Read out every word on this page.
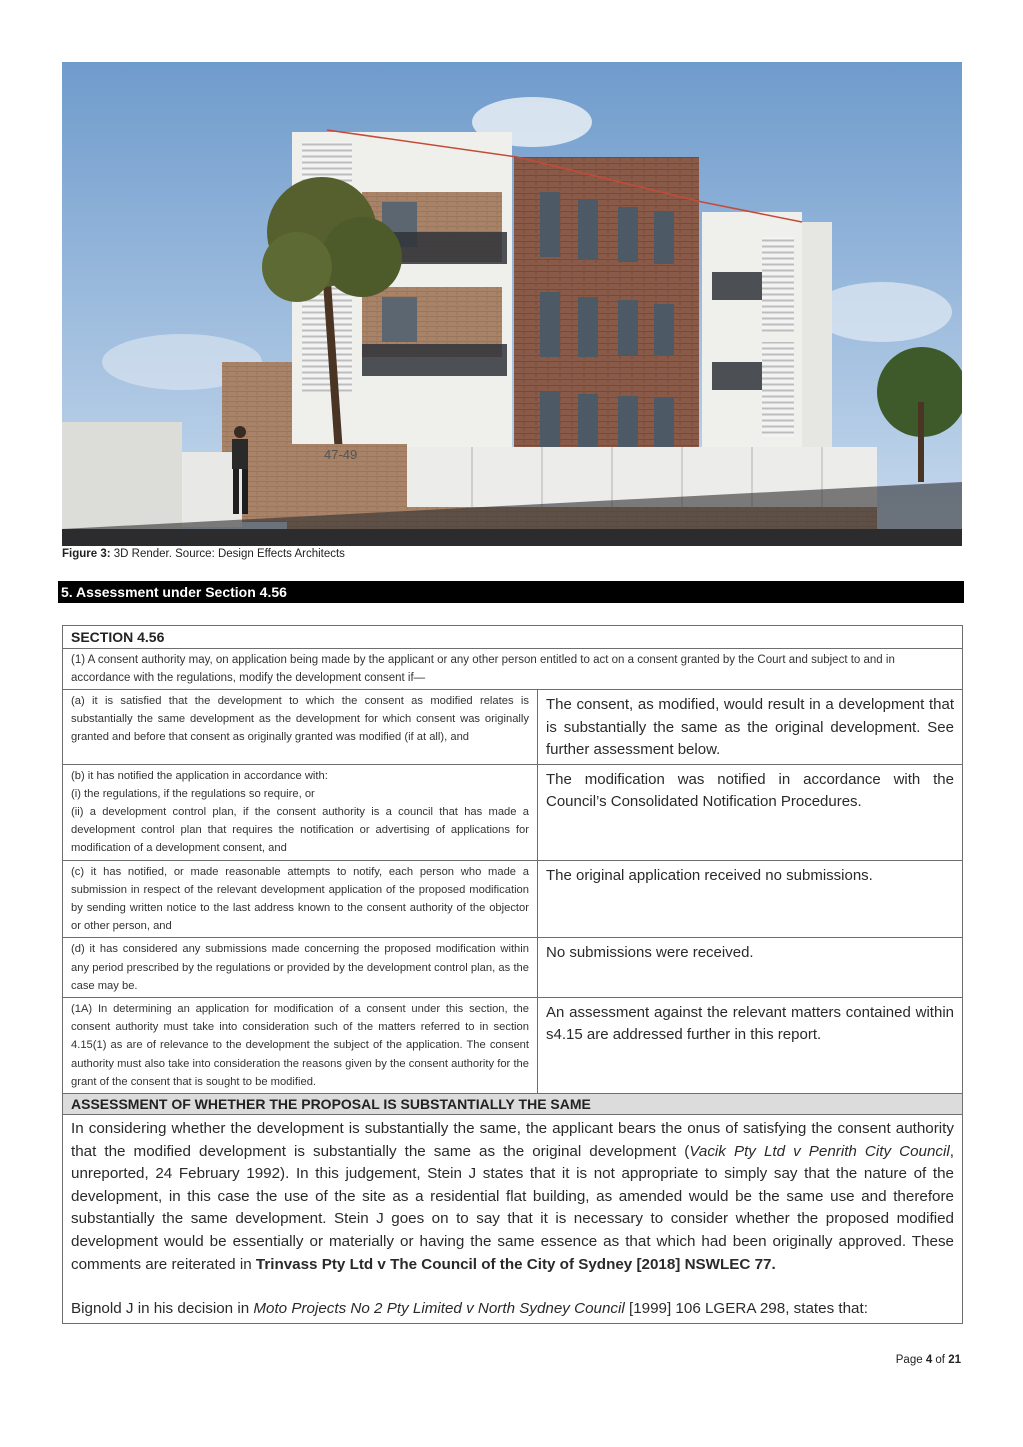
47-49
Figure 3: 3D Render. Source: Design Effects Architects
5. Assessment under Section 4.56
SECTION 4.56	
(1) A consent authority may, on application being made by the applicant or any other person entitled to act on a consent granted by the Court and subject to and in accordance with the regulations, modify the development consent if—	
(a) it is satisfied that the development to which the consent as modified relates is substantially the same development as the development for which consent was originally granted and before that consent as originally granted was modified (if at all), and	The consent, as modified, would result in a development that is substantially the same as the original development. See further assessment below.

(b) it has notified the application in accordance with:
(i) the regulations, if the regulations so require, or
(ii) a development control plan, if the consent authority is a council that has made a development control plan that requires the notification or advertising of applications for modification of a development consent, and	The modification was notified in accordance with the Council’s Consolidated Notification Procedures.
(c) it has notified, or made reasonable attempts to notify, each person who made a submission in respect of the relevant development application of the proposed modification by sending written notice to the last address known to the consent authority of the objector or other person, and	The original application received no submissions.
(d) it has considered any submissions made concerning the proposed modification within any period prescribed by the regulations or provided by the development control plan, as the case may be.	No submissions were received.
(1A) In determining an application for modification of a consent under this section, the consent authority must take into consideration such of the matters referred to in section 4.15(1) as are of relevance to the development the subject of the application. The consent authority must also take into consideration the reasons given by the consent authority for the grant of the consent that is sought to be modified.	An assessment against the relevant matters contained within s4.15 are addressed further in this report.
ASSESSMENT OF WHETHER THE PROPOSAL IS SUBSTANTIALLY THE SAME	

In considering whether the development is substantially the same, the applicant bears the onus of satisfying the consent authority that the modified development is substantially the same as the original development (Vacik Pty Ltd v Penrith City Council, unreported, 24 February 1992). In this judgement, Stein J states that it is not appropriate to simply say that the nature of the development, in this case the use of the site as a residential flat building, as amended would be the same use and therefore substantially the same development. Stein J goes on to say that it is necessary to consider whether the proposed modified development would be essentially or materially or having the same essence as that which had been originally approved. These comments are reiterated in Trinvass Pty Ltd v The Council of the City of Sydney [2018] NSWLEC 77.

Bignold J in his decision in Moto Projects No 2 Pty Limited v North Sydney Council [1999] 106 LGERA 298, states that:	

Page 4 of 21
